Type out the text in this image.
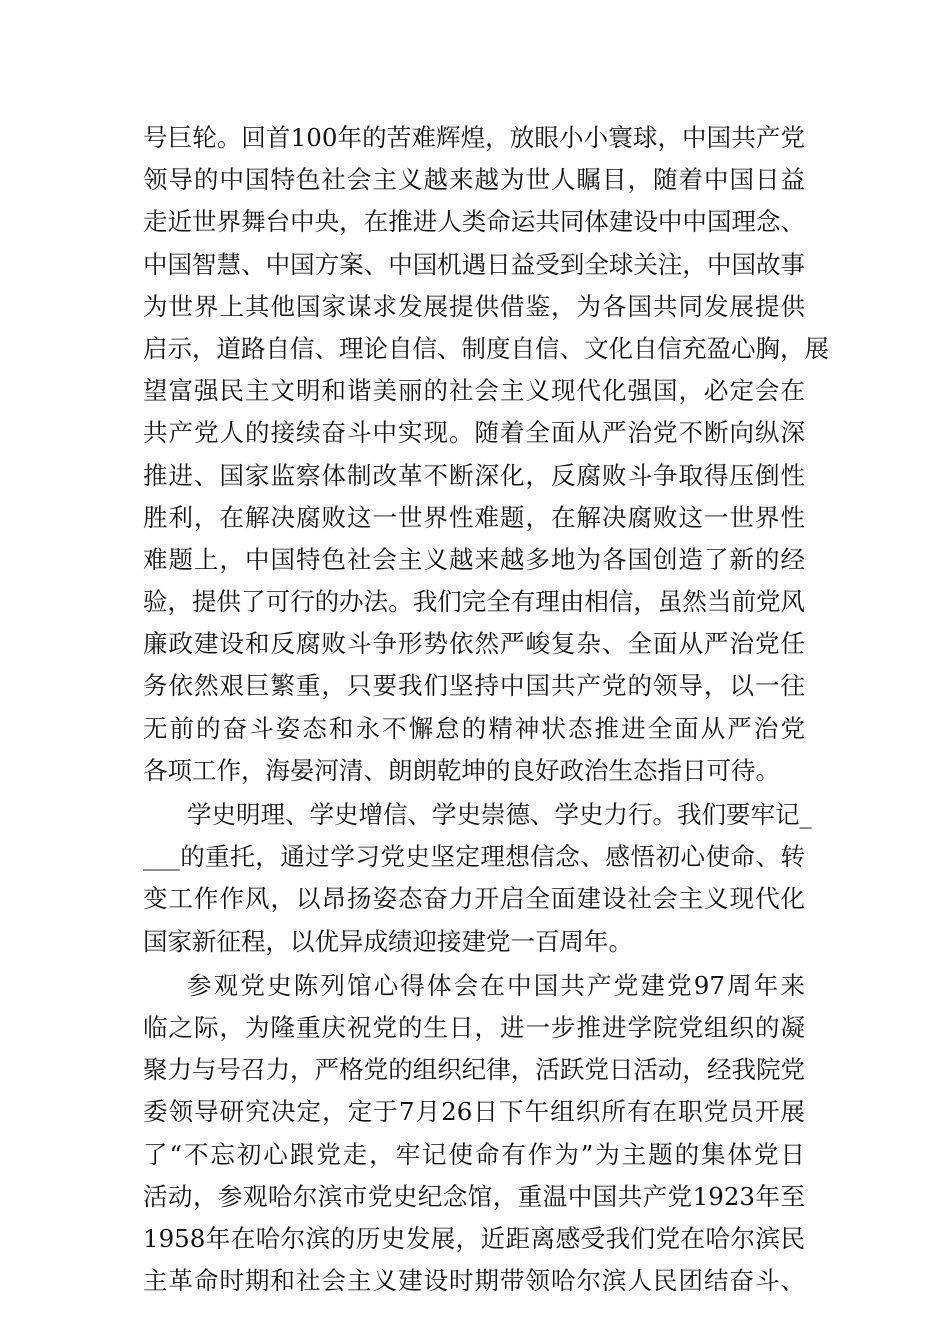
号巨轮。回首100年的苦难辉煌，放眼小小寰球，中国共产党
领导的中国特色社会主义越来越为世人瞩目，随着中国日益
走近世界舞台中央，在推进人类命运共同体建设中中国理念、
中国智慧、中国方案、中国机遇日益受到全球关注，中国故事
为世界上其他国家谋求发展提供借鉴，为各国共同发展提供
启示，道路自信、理论自信、制度自信、文化自信充盈心胸，展
望富强民主文明和谐美丽的社会主义现代化强国，必定会在
共产党人的接续奋斗中实现。随着全面从严治党不断向纵深
推进、国家监察体制改革不断深化，反腐败斗争取得压倒性
胜利，在解决腐败这一世界性难题，在解决腐败这一世界性
难题上，中国特色社会主义越来越多地为各国创造了新的经
验，提供了可行的办法。我们完全有理由相信，虽然当前党风
廉政建设和反腐败斗争形势依然严峻复杂、全面从严治党任
务依然艰巨繁重，只要我们坚持中国共产党的领导，以一往
无前的奋斗姿态和永不懈怠的精神状态推进全面从严治党
各项工作，海晏河清、朗朗乾坤的良好政治生态指日可待。
学史明理、学史增信、学史崇德、学史力行。我们要牢记_
___的重托，通过学习党史坚定理想信念、感悟初心使命、转
变工作作风，以昂扬姿态奋力开启全面建设社会主义现代化
国家新征程，以优异成绩迎接建党一百周年。
参观党史陈列馆心得体会在中国共产党建党97周年来
临之际，为隆重庆祝党的生日，进一步推进学院党组织的凝
聚力与号召力，严格党的组织纪律，活跃党日活动，经我院党
委领导研究决定，定于7月26日下午组织所有在职党员开展
了“不忘初心跟党走，牢记使命有作为”为主题的集体党日
活动，参观哈尔滨市党史纪念馆，重温中国共产党1923年至
1958年在哈尔滨的历史发展，近距离感受我们党在哈尔滨民
主革命时期和社会主义建设时期带领哈尔滨人民团结奋斗、
